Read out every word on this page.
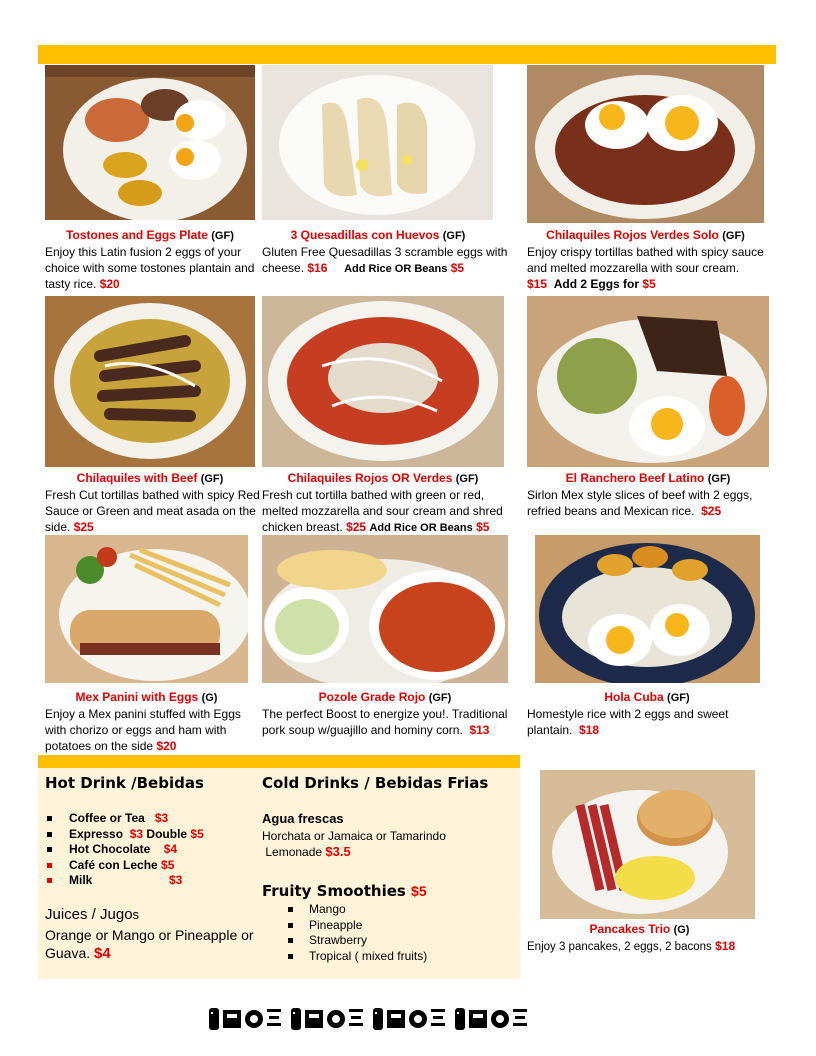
Tostones and Eggs Plate (GF)
Enjoy this Latin fusion 2 eggs of your choice with some tostones plantain and tasty rice. $20
3 Quesadillas con Huevos (GF)
Gluten Free Quesadillas 3 scramble eggs with cheese. $16 Add Rice OR Beans $5
Chilaquiles Rojos Verdes Solo (GF)
Enjoy crispy tortillas bathed with spicy sauce and melted mozzarella with sour cream.
$15 Add 2 Eggs for $5
Chilaquiles with Beef (GF)
Fresh Cut tortillas bathed with spicy Red Sauce or Green and meat asada on the side. $25
Chilaquiles Rojos OR Verdes (GF)
Fresh cut tortilla bathed with green or red, melted mozzarella and sour cream and shred chicken breast. $25 Add Rice OR Beans $5
El Ranchero Beef Latino (GF)
Sirlon Mex style slices of beef with 2 eggs, refried beans and Mexican rice. $25
Mex Panini with Eggs (G)
Enjoy a Mex panini stuffed with Eggs with chorizo or eggs and ham with potatoes on the side $20
Pozole Grade Rojo (GF)
The perfect Boost to energize you!. Traditional pork soup w/guajillo and hominy corn. $13
Hola Cuba (GF)
Homestyle rice with 2 eggs and sweet plantain. $18
Hot Drink /Bebidas
Coffee or Tea $3
Expresso $3 Double $5
Hot Chocolate $4
Café con Leche $5
Milk	$3
Juices / Jugos
Orange or Mango or Pineapple or Guava. $4
Cold Drinks / Bebidas Frias
Agua frescas
Horchata or Jamaica or Tamarindo
Lemonade $3.5
Fruity Smoothies $5
Mango
Pineapple
Strawberry
Tropical ( mixed fruits)
Pancakes Trio (G)
Enjoy 3 pancakes, 2 eggs, 2 bacons $18
